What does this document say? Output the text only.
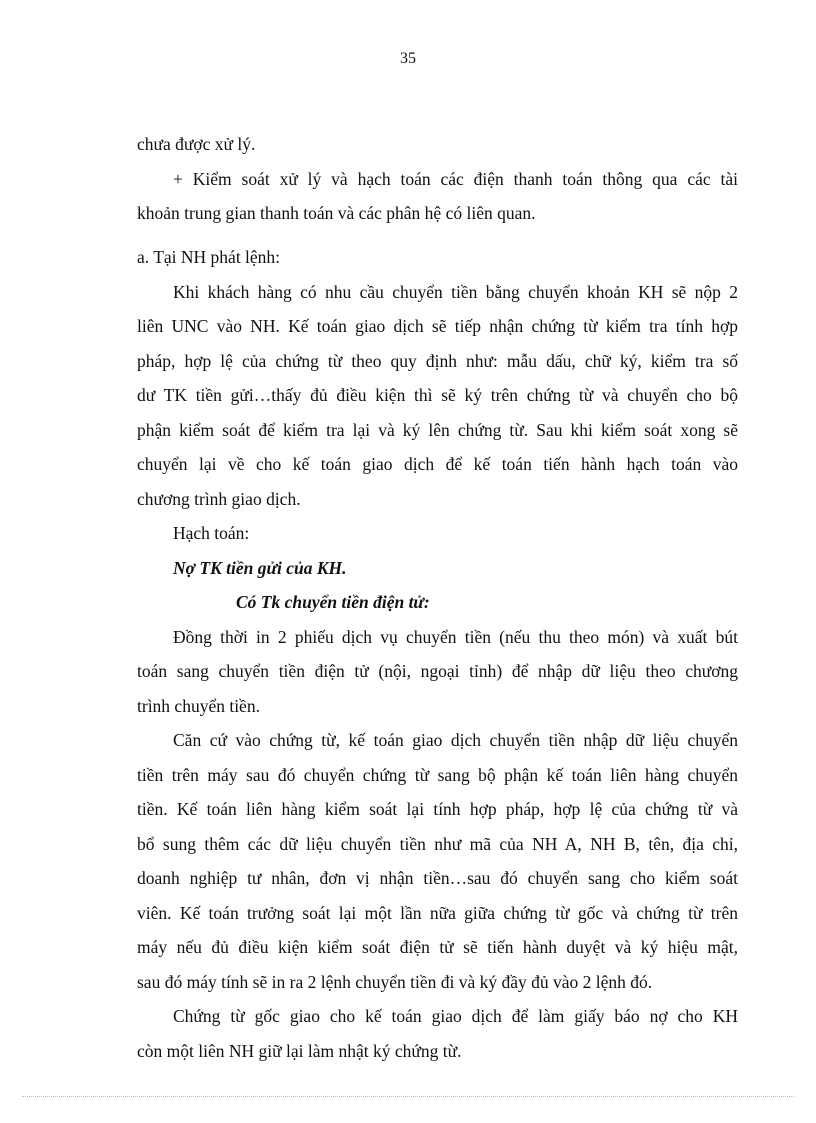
35
chưa được xử lý.
+ Kiểm soát xử lý và hạch toán các điện thanh toán thông qua các tài
khoản trung gian thanh toán và các phân hệ có liên quan.
a. Tại NH phát lệnh:
Khi khách hàng có nhu cầu chuyển tiền bằng chuyển khoản KH sẽ nộp 2
liên UNC vào NH. Kế toán giao dịch sẽ tiếp nhận chứng từ kiểm tra tính hợp
pháp, hợp lệ của chứng từ theo quy định như: mẫu dấu, chữ ký, kiểm tra số
dư TK tiền gửi…thấy đủ điều kiện thì sẽ ký trên chứng từ và chuyển cho bộ
phận kiểm soát để kiểm tra lại và ký lên chứng từ. Sau khi kiểm soát xong sẽ
chuyển lại về cho kế toán giao dịch để kế toán tiến hành hạch toán vào
chương trình giao dịch.
Hạch toán:
Nợ TK tiền gửi của KH.
Có Tk chuyển tiền điện tử:
Đồng thời in 2 phiếu dịch vụ chuyển tiền (nếu thu theo món) và xuất bút
toán sang chuyển tiền điện tử (nội, ngoại tỉnh) để nhập dữ liệu theo chương
trình chuyển tiền.
Căn cứ vào chứng từ, kế toán giao dịch chuyển tiền nhập dữ liệu chuyển
tiền trên máy sau đó chuyển chứng từ sang bộ phận kế toán liên hàng chuyển
tiền. Kế toán liên hàng kiểm soát lại tính hợp pháp, hợp lệ của chứng từ và
bổ sung thêm các dữ liệu chuyển tiền như mã của NH A, NH B, tên, địa chỉ,
doanh nghiệp tư nhân, đơn vị nhận tiền…sau đó chuyển sang cho kiểm soát
viên. Kế toán trưởng soát lại một lần nữa giữa chứng từ gốc và chứng từ trên
máy nếu đủ điều kiện kiểm soát điện tử sẽ tiến hành duyệt và ký hiệu mật,
sau đó máy tính sẽ in ra 2 lệnh chuyển tiền đi và ký đầy đủ vào 2 lệnh đó.
Chứng từ gốc giao cho kế toán giao dịch để làm giấy báo nợ cho KH
còn một liên NH giữ lại làm nhật ký chứng từ.
